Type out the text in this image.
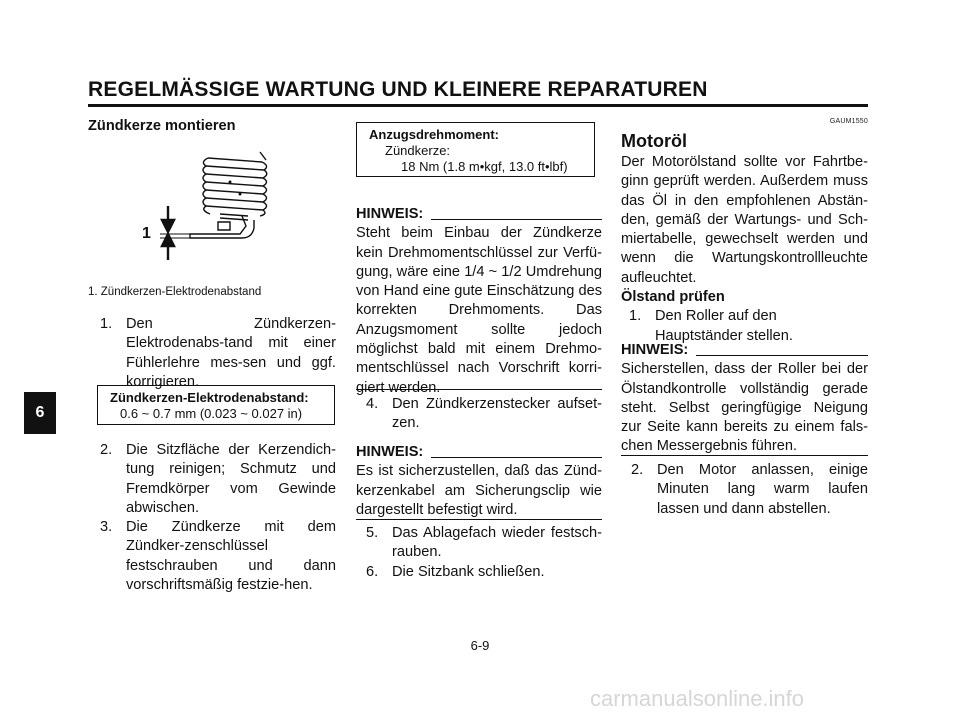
REGELMÄSSIGE WARTUNG UND KLEINERE REPARATUREN
6
Zündkerze montieren
1
1. Zündkerzen-Elektrodenabstand
1. Den Zündkerzen-Elektrodenabs-tand mit einer Fühlerlehre mes-sen und ggf. korrigieren.
Zündkerzen-Elektrodenabstand:
0.6 ~ 0.7 mm (0.023 ~ 0.027 in)
2. Die Sitzfläche der Kerzendich-tung reinigen; Schmutz und Fremdkörper vom Gewinde abwischen.
3. Die Zündkerze mit dem Zündker-zenschlüssel festschrauben und dann vorschriftsmäßig festzie-hen.
Anzugsdrehmoment:
Zündkerze:
18 Nm (1.8 m•kgf, 13.0 ft•lbf)
HINWEIS:
Steht beim Einbau der Zündkerze kein Drehmomentschlüssel zur Verfü-gung, wäre eine 1/4 ~ 1/2 Umdrehung von Hand eine gute Einschätzung des korrekten Drehmoments. Das Anzugsmoment sollte jedoch möglichst bald mit einem Drehmo-mentschlüssel nach Vorschrift korri-giert werden.
4. Den Zündkerzenstecker aufset-zen.
HINWEIS:
Es ist sicherzustellen, daß das Zünd-kerzenkabel am Sicherungsclip wie dargestellt befestigt wird.
5. Das Ablagefach wieder festsch-rauben.
6. Die Sitzbank schließen.
GAUM1550
Motoröl
Der Motorölstand sollte vor Fahrtbe-ginn geprüft werden. Außerdem muss das Öl in den empfohlenen Abstän-den, gemäß der Wartungs- und Sch-miertabelle, gewechselt werden und wenn die Wartungskontrollleuchte aufleuchtet.
Ölstand prüfen
1. Den Roller auf den Hauptständer stellen.
HINWEIS:
Sicherstellen, dass der Roller bei der Ölstandkontrolle vollständig gerade steht. Selbst geringfügige Neigung zur Seite kann bereits zu einem fals-chen Messergebnis führen.
2. Den Motor anlassen, einige Minuten lang warm laufen lassen und dann abstellen.
6-9
carmanualsonline.info
